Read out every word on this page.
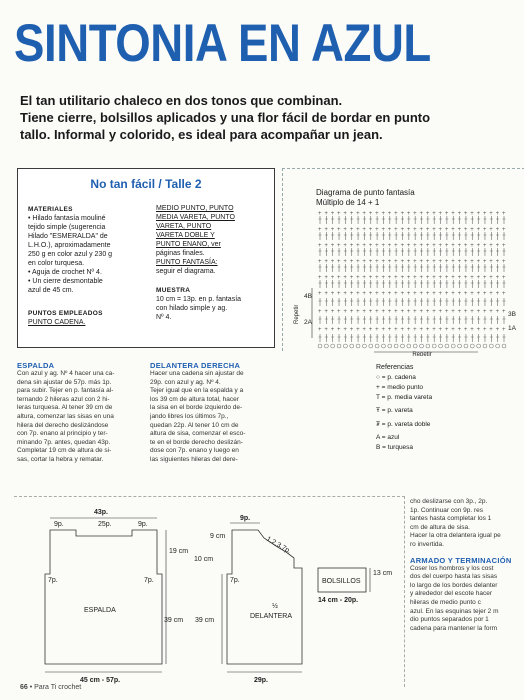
SINTONIA EN AZUL
El tan utilitario chaleco en dos tonos que combinan.
Tiene cierre, bolsillos aplicados y una flor fácil de bordar en punto
tallo. Informal y colorido, es ideal para acompañar un jean.
No tan fácil / Talle 2

MATERIALES

• Hilado fantasía mouliné
tejido simple (sugerencia
Hilado "ESMERALDA" de
L.H.O.), aproximadamente
250 g en color azul y 230 g
en color turquesa.
• Aguja de crochet Nº 4.
• Un cierre desmontable
azul de 45 cm.

PUNTOS EMPLEADOS

PUNTO CADENA.

MEDIO PUNTO, PUNTO
MEDIA VARETA, PUNTO
VARETA, PUNTO
VARETA DOBLE Y
PUNTO ENANO, ver
páginas finales.
PUNTO FANTASÍA:
seguir el diagrama.

MUESTRA

10 cm = 13p. en p. fantasía
con hilado simple y ag.
Nº 4.
Diagrama de punto fantasía
Múltiplo de 14 + 1
+ + + + + + + + + + + + + + + + + + + + + + + + + + + + + +
+ + + + + + + + + + + + + + + + + + + + + + + + + + + + + +
+ + + + + + + + + + + + + + + + + + + + + + + + + + + + + +
+ + + + + + + + + + + + + + + + + + + + + + + + + + + + + +
+ + + + + + + + + + + + + + + + + + + + + + + + + + + + + +
+ + + + + + + + + + + + + + + + + + + + + + + + + + + + + +
+ + + + + + + + + + + + + + + + + + + + + + + + + + + + + +
+ + + + + + + + + + + + + + + + + + + + + + + + + + + + + +
Repetir
Repetir
4B
3B
2A
1A
Referencias
○ = p. cadena
+ = medio punto
T = p. media vareta
Ŧ = p. vareta
₮ = p. vareta doble
A = azul
B = turquesa
ESPALDA
Con azul y ag. Nº 4 hacer una ca-
dena sin ajustar de 57p. más 1p.
para subir. Tejer en p. fantasía al-
ternando 2 hileras azul con 2 hi-
leras turquesa. Al tener 39 cm de
altura, comenzar las sisas en una
hilera del derecho deslizándose
con 7p. enano al principio y ter-
minando 7p. antes, quedan 43p.
Completar 19 cm de altura de si-
sas, cortar la hebra y rematar.
DELANTERA DERECHA
Hacer una cadena sin ajustar de
29p. con azul y ag. Nº 4.
Tejer igual que en la espalda y a
los 39 cm de altura total, hacer
la sisa en el borde izquierdo de-
jando libres los últimos 7p.,
quedan 22p. Al tener 10 cm de
altura de sisa, comenzar el esco-
te en el borde derecho deslizán-
dose con 7p. enano y luego en
las siguientes hileras del dere-
43p.
9p.	25p.	9p.
19 cm
7p.	7p.
ESPALDA
39 cm
45 cm - 57p.
9p.
9 cm	1,2,3,7p.
10 cm
7p.
39 cm
½
DELANTERA
29p.
BOLSILLOS
13 cm
14 cm - 20p.
cho deslizarse con 3p., 2p.
1p. Continuar con 9p. res
tantes hasta completar los 1
cm de altura de sisa.
Hacer la otra delantera igual pe
ro invertida.
ARMADO Y TERMINACIÓN
Coser los hombros y los cost
dos del cuerpo hasta las sisas
lo largo de los bordes delanter
y alrededor del escote hacer
hileras de medio punto c
azul. En las esquinas tejer 2 m
dio puntos separados por 1
cadena para mantener la form
66 • Para Ti crochet
